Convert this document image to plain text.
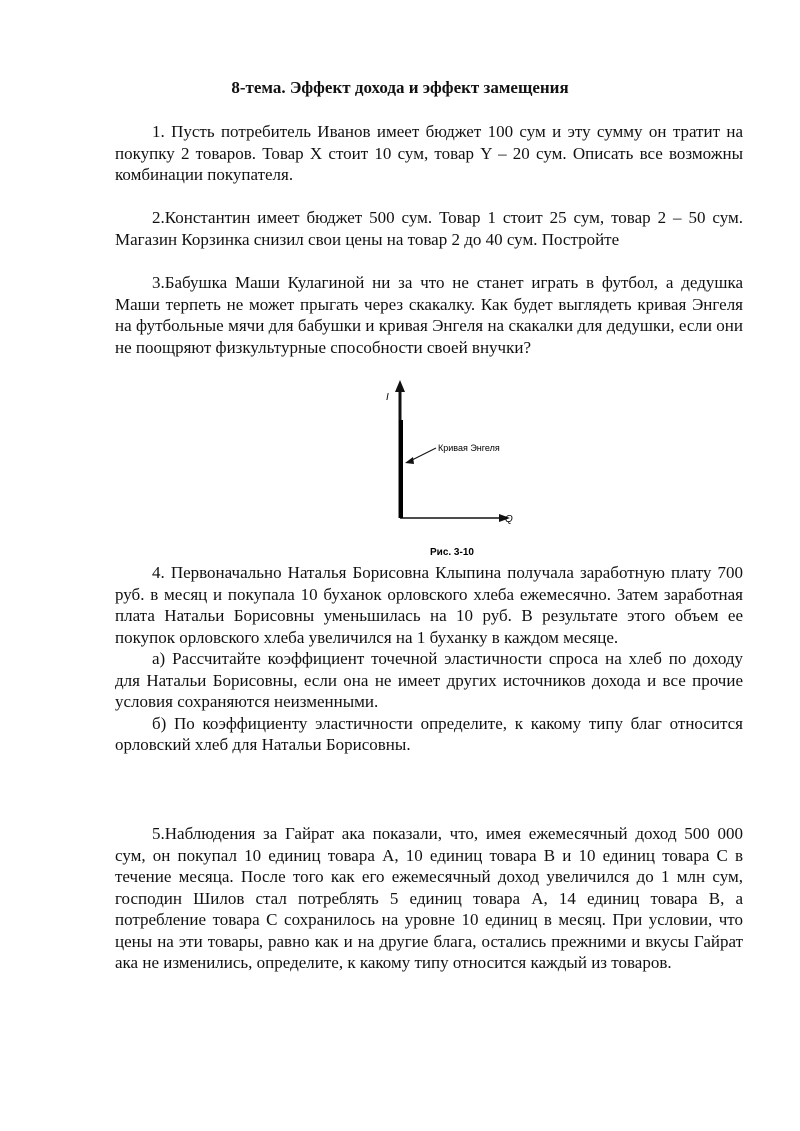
8-тема. Эффект дохода и эффект замещения

1. Пусть потребитель Иванов имеет бюджет 100 сум и эту сумму он тратит на покупку 2 товаров. Товар X стоит 10 сум, товар Y – 20 сум. Описать все возможны комбинации покупателя.

2.Константин имеет бюджет 500 сум. Товар 1 стоит 25 сум, товар 2 – 50 сум. Магазин Корзинка снизил свои цены на товар 2 до 40 сум. Постройте

3.Бабушка Маши Кулагиной ни за что не станет играть в футбол, а дедушка Маши терпеть не может прыгать через скакалку. Как будет выглядеть кривая Энгеля на футбольные мячи для бабушки и кривая Энгеля на скакалки для дедушки, если они не поощряют физкультурные способности своей внучки?

I
Q
Кривая Энгеля
Рис. 3-10

4. Первоначально Наталья Борисовна Клыпина получала заработную плату 700 руб. в месяц и покупала 10 буханок орловского хлеба ежемесячно. Затем заработная плата Натальи Борисовны уменьшилась на 10 руб. В результате этого объем ее покупок орловского хлеба увеличился на 1 буханку в каждом месяце.

а) Рассчитайте коэффициент точечной эластичности спроса на хлеб по доходу для Натальи Борисовны, если она не имеет других источников дохода и все прочие условия сохраняются неизменными.

б) По коэффициенту эластичности определите, к какому типу благ относится орловский хлеб для Натальи Борисовны.

5.Наблюдения за Гайрат ака показали, что, имея ежемесячный доход 500 000 сум, он покупал 10 единиц товара А, 10 единиц товара В и 10 единиц товара С в течение месяца. После того как его ежемесячный доход увеличился до 1 млн сум, господин Шилов стал потреблять 5 единиц товара А, 14 единиц товара В, а потребление товара С сохранилось на уровне 10 единиц в месяц. При условии, что цены на эти товары, равно как и на другие блага, остались прежними и вкусы Гайрат ака не изменились, определите, к какому типу относится каждый из товаров.
